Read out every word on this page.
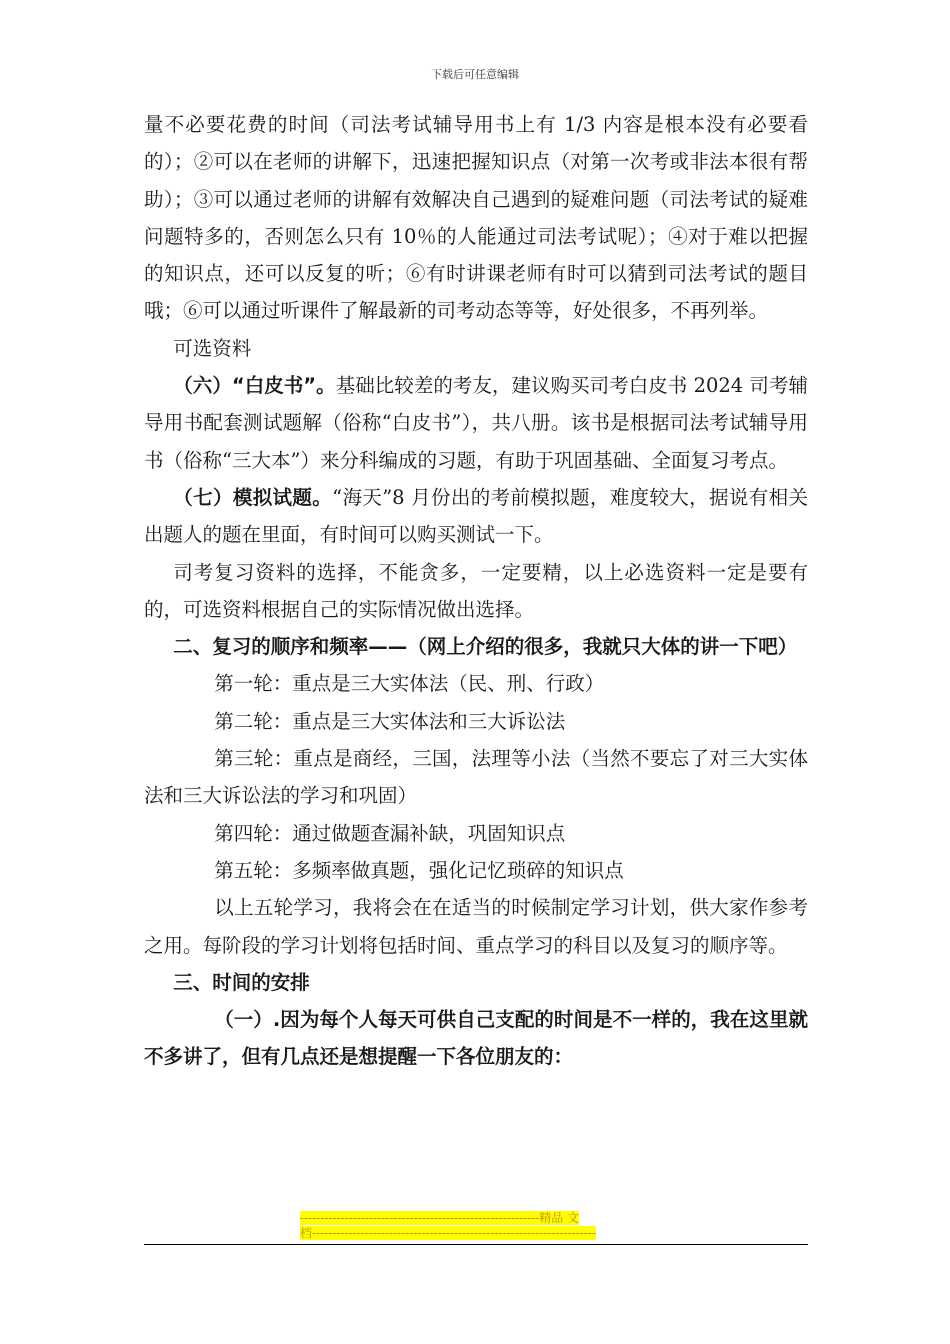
下载后可任意编辑

量不必要花费的时间（司法考试辅导用书上有 1/3 内容是根本没有必要看的）；②可以在老师的讲解下，迅速把握知识点（对第一次考或非法本很有帮助）；③可以通过老师的讲解有效解决自己遇到的疑难问题（司法考试的疑难问题特多的，否则怎么只有 10％的人能通过司法考试呢）；④对于难以把握的知识点，还可以反复的听；⑥有时讲课老师有时可以猜到司法考试的题目哦；⑥可以通过听课件了解最新的司考动态等等，好处很多，不再列举。

可选资料

（六）“白皮书”。基础比较差的考友，建议购买司考白皮书 2024 司考辅导用书配套测试题解（俗称“白皮书”），共八册。该书是根据司法考试辅导用书（俗称“三大本”）来分科编成的习题，有助于巩固基础、全面复习考点。

（七）模拟试题。“海天”8 月份出的考前模拟题，难度较大，据说有相关出题人的题在里面，有时间可以购买测试一下。

司考复习资料的选择，不能贪多，一定要精，以上必选资料一定是要有的，可选资料根据自己的实际情况做出选择。

二、复习的顺序和频率——（网上介绍的很多，我就只大体的讲一下吧）

第一轮：重点是三大实体法（民、刑、行政）

第二轮：重点是三大实体法和三大诉讼法

第三轮：重点是商经，三国，法理等小法（当然不要忘了对三大实体法和三大诉讼法的学习和巩固）

第四轮：通过做题查漏补缺，巩固知识点

第五轮：多频率做真题，强化记忆琐碎的知识点

以上五轮学习，我将会在在适当的时候制定学习计划，供大家作参考之用。每阶段的学习计划将包括时间、重点学习的科目以及复习的顺序等。

三、时间的安排

（一）.因为每个人每天可供自己支配的时间是不一样的，我在这里就不多讲了，但有几点还是想提醒一下各位朋友的：

-----------------------------------------------------------精品 文
档----------------------------------------------------------------------
